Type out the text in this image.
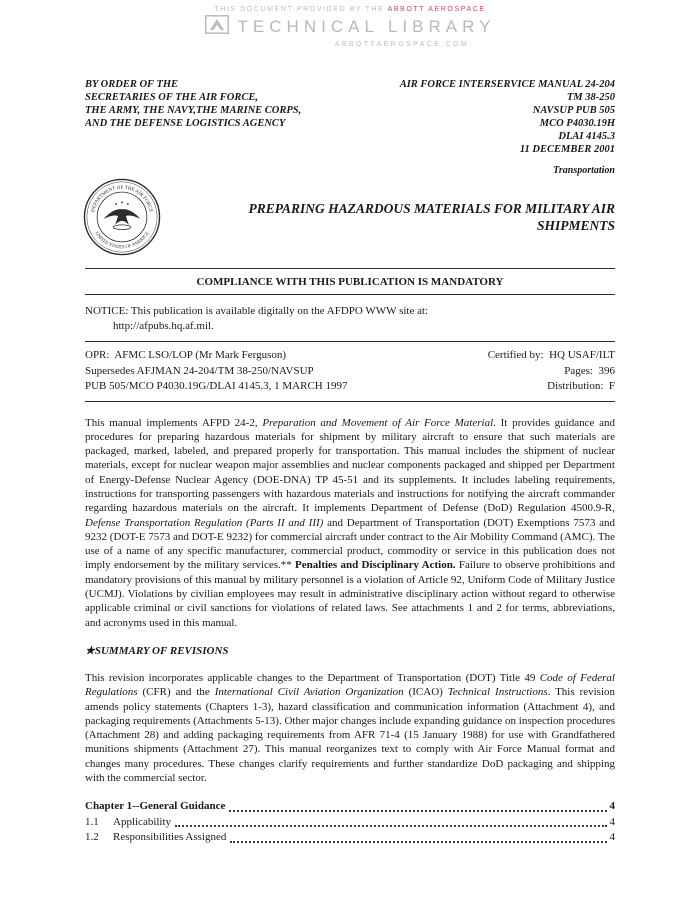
THIS DOCUMENT PROVIDED BY THE ABBOTT AEROSPACE
TECHNICAL LIBRARY
ABBOTTAEROSPACE.COM
BY ORDER OF THE
SECRETARIES OF THE AIR FORCE,
THE ARMY, THE NAVY,THE MARINE CORPS,
AND THE DEFENSE LOGISTICS AGENCY
AIR FORCE INTERSERVICE MANUAL 24-204
TM 38-250
NAVSUP PUB 505
MCO P4030.19H
DLAI 4145.3
11 DECEMBER 2001
Transportation
DEPARTMENT OF THE AIR FORCE
UNITED STATES OF AMERICA
PREPARING HAZARDOUS MATERIALS FOR MILITARY AIR SHIPMENTS
COMPLIANCE WITH THIS PUBLICATION IS MANDATORY
NOTICE: This publication is available digitally on the AFDPO WWW site at:
http://afpubs.hq.af.mil.
OPR:  AFMC LSO/LOP (Mr Mark Ferguson)	Certified by:  HQ USAF/ILT
Supersedes AFJMAN 24-204/TM 38-250/NAVSUP	Pages:  396
PUB 505/MCO P4030.19G/DLAI 4145.3, 1 MARCH 1997	Distribution:  F

This manual implements AFPD 24-2, Preparation and Movement of Air Force Material. It provides guidance and procedures for preparing hazardous materials for shipment by military aircraft to ensure that such materials are packaged, marked, labeled, and prepared properly for transportation. This manual includes the shipment of nuclear materials, except for nuclear weapon major assemblies and nuclear components packaged and shipped per Department of Energy-Defense Nuclear Agency (DOE-DNA) TP 45-51 and its supplements. It includes labeling requirements, instructions for transporting passengers with hazardous materials and instructions for notifying the aircraft commander regarding hazardous materials on the aircraft. It implements Department of Defense (DoD) Regulation 4500.9-R, Defense Transportation Regulation (Parts II and III) and Department of Transportation (DOT) Exemptions 7573 and 9232 (DOT-E 7573 and DOT-E 9232) for commercial aircraft under contract to the Air Mobility Command (AMC). The use of a name of any specific manufacturer, commercial product, commodity or service in this publication does not imply endorsement by the military services.** Penalties and Disciplinary Action. Failure to observe prohibitions and mandatory provisions of this manual by military personnel is a violation of Article 92, Uniform Code of Military Justice (UCMJ). Violations by civilian employees may result in administrative disciplinary action without regard to otherwise applicable criminal or civil sanctions for violations of related laws. See attachments 1 and 2 for terms, abbreviations, and acronyms used in this manual.

★SUMMARY OF REVISIONS

This revision incorporates applicable changes to the Department of Transportation (DOT) Title 49 Code of Federal Regulations (CFR) and the International Civil Aviation Organization (ICAO) Technical Instructions. This revision amends policy statements (Chapters 1-3), hazard classification and communication information (Attachment 4), and packaging requirements (Attachments 5-13). Other major changes include expanding guidance on inspection procedures (Attachment 28) and adding packaging requirements from AFR 71-4 (15 January 1988) for use with Grandfathered munitions shipments (Attachment 27). This manual reorganizes text to comply with Air Force Manual format and changes many procedures. These changes clarify requirements and further standardize DoD packaging and shipping with the commercial sector.

Chapter 1--General Guidance	4
1.1	Applicability	4
1.2	Responsibilities Assigned	4
